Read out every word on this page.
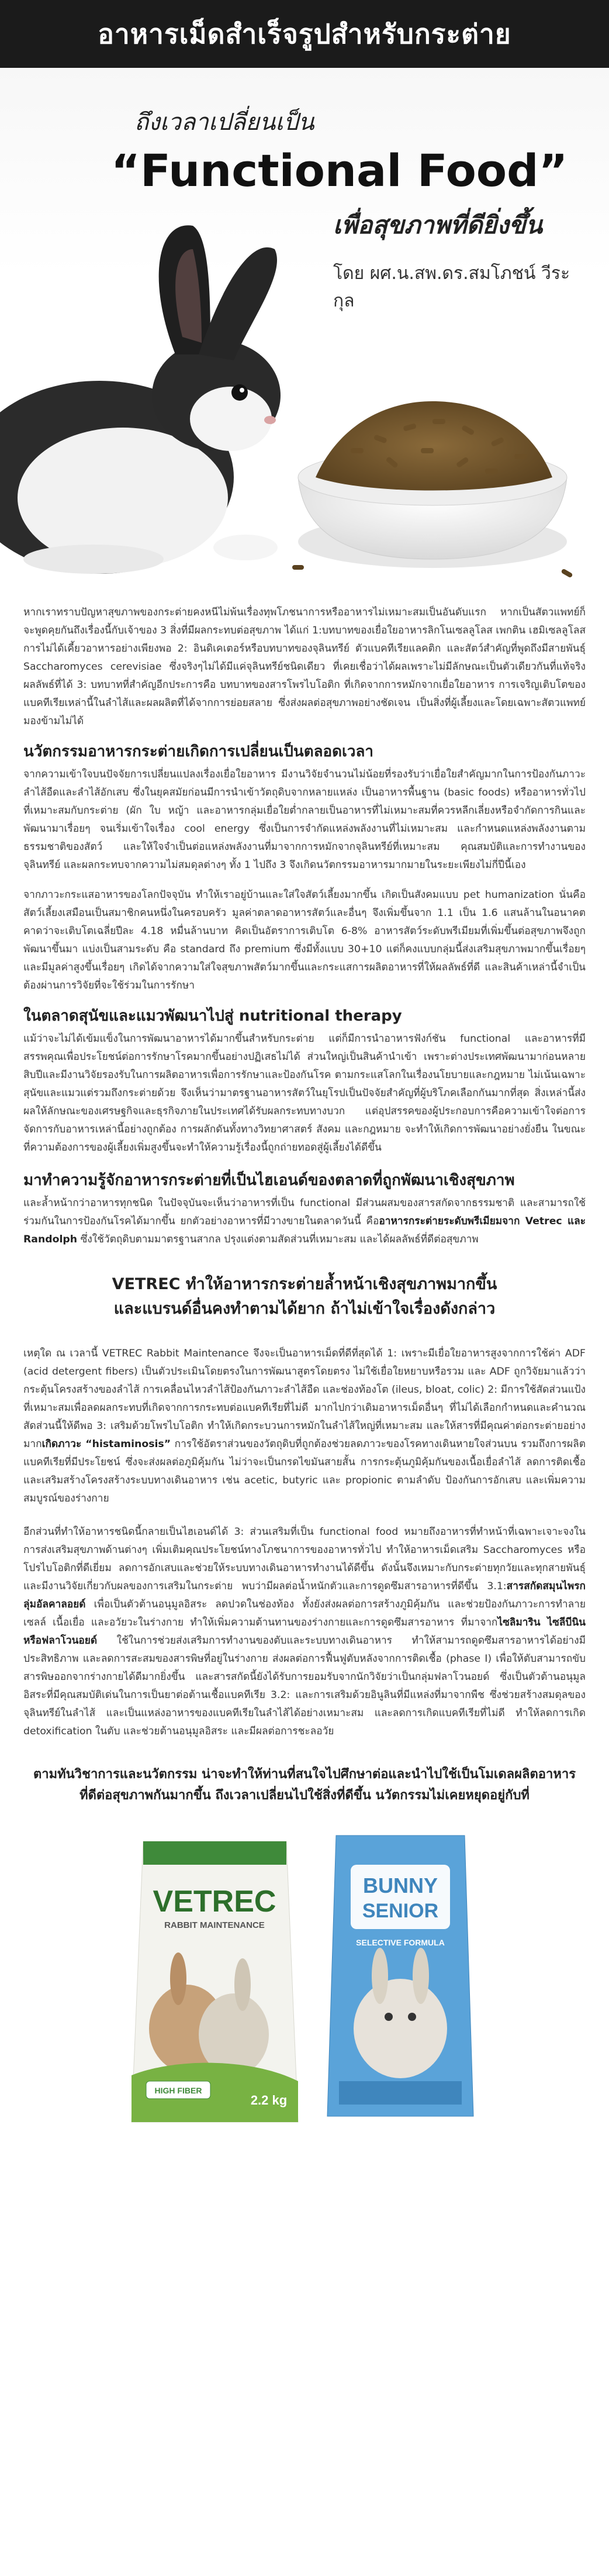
อาหารเม็ดสำเร็จรูปสำหรับกระต่าย

ถึงเวลาเปลี่ยนเป็น

“Functional Food”

เพื่อสุขภาพที่ดียิ่งขึ้น

โดย ผศ.น.สพ.ดร.สมโภชน์ วีระกุล

หากเราทราบปัญหาสุขภาพของกระต่ายคงหนีไม่พ้นเรื่องทุพโภชนาการหรืออาหารไม่เหมาะสมเป็นอันดับแรก หากเป็นสัตวแพทย์ก็จะพูดคุยกันถึงเรื่องนี้กับเจ้าของ 3 สิ่งที่มีผลกระทบต่อสุขภาพ ได้แก่ 1:บทบาทของเยื่อใยอาหารลิกโนเซลลูโลส เพกติน เฮมิเซลลูโลส การไม่ได้เคี้ยวอาหารอย่างเพียงพอ 2: อินดิเคเตอร์หรือบทบาทของจุลินทรีย์ ตัวแบคทีเรียแลคติก และสัตว์สำคัญที่พูดถึงมีสายพันธุ์ Saccharomyces cerevisiae ซึ่งจริงๆไม่ได้มีแค่จุลินทรีย์ชนิดเดียว ที่เคยเชื่อว่าได้ผลเพราะไม่มีลักษณะเป็นตัวเดียวกันที่แท้จริง ผลลัพธ์ที่ได้ 3: บทบาทที่สำคัญอีกประการคือ บทบาทของสารโพรไบโอติก ที่เกิดจากการหมักจากเยื่อใยอาหาร การเจริญเติบโตของแบคทีเรียเหล่านี้ในลำไส้และผลผลิตที่ได้จากการย่อยสลาย ซึ่งส่งผลต่อสุขภาพอย่างชัดเจน เป็นสิ่งที่ผู้เลี้ยงและโดยเฉพาะสัตวแพทย์มองข้ามไม่ได้

นวัตกรรมอาหารกระต่ายเกิดการเปลี่ยนเป็นตลอดเวลา

จากความเข้าใจบนปัจจัยการเปลี่ยนแปลงเรื่องเยื่อใยอาหาร มีงานวิจัยจำนวนไม่น้อยที่รองรับว่าเยื่อใยสำคัญมากในการป้องกันภาวะลำไส้อืดและลำไส้อักเสบ ซึ่งในยุคสมัยก่อนมีการนำเข้าวัตถุดิบจากหลายแหล่ง เป็นอาหารพื้นฐาน (basic foods) หรืออาหารทั่วไปที่เหมาะสมกับกระต่าย (ผัก ใบ หญ้า และอาหารกลุ่มเยื่อใยต่ำกลายเป็นอาหารที่ไม่เหมาะสมที่ควรหลีกเลี่ยงหรือจำกัดการกินและพัฒนามาเรื่อยๆ จนเริ่มเข้าใจเรื่อง cool energy ซึ่งเป็นการจำกัดแหล่งพลังงานที่ไม่เหมาะสม และกำหนดแหล่งพลังงานตามธรรมชาติของสัตว์ และให้ใจจำเป็นต่อแหล่งพลังงานที่มาจากการหมักจากจุลินทรีย์ที่เหมาะสม คุณสมบัติและการทำงานของจุลินทรีย์ และผลกระทบจากความไม่สมดุลต่างๆ ทั้ง 1 ไปถึง 3 จึงเกิดนวัตกรรมอาหารมากมายในระยะเพียงไม่กี่ปีนี้เอง

จากภาวะกระแสอาหารของโลกปัจจุบัน ทำให้เราอยู่บ้านและใส่ใจสัตว์เลี้ยงมากขึ้น เกิดเป็นสังคมแบบ pet humanization นั่นคือสัตว์เลี้ยงเสมือนเป็นสมาชิกคนหนึ่งในครอบครัว มูลค่าตลาดอาหารสัตว์และอื่นๆ จึงเพิ่มขึ้นจาก 1.1 เป็น 1.6 แสนล้านในอนาคต คาดว่าจะเติบโตเฉลี่ยปีละ 4.18 หมื่นล้านบาท คิดเป็นอัตราการเติบโต 6-8% อาหารสัตว์ระดับพรีเมียมที่เพิ่มขึ้นต่อสุขภาพจึงถูกพัฒนาขึ้นมา แบ่งเป็นสามระดับ คือ standard ถึง premium ซึ่งมีทั้งแบบ 30+10 แต่ก็คงแบบกลุ่มนี้ส่งเสริมสุขภาพมากขึ้นเรื่อยๆ และมีมูลค่าสูงขึ้นเรื่อยๆ เกิดได้จากความใส่ใจสุขภาพสัตว์มากขึ้นและกระแสการผลิตอาหารที่ให้ผลลัพธ์ที่ดี และสินค้าเหล่านี้จำเป็นต้องผ่านการวิจัยที่จะใช้ร่วมในการรักษา

ในตลาดสุนัขและแมวพัฒนาไปสู่ nutritional therapy

แม้ว่าจะไม่ได้เข้มแข็งในการพัฒนาอาหารได้มากขึ้นสำหรับกระต่าย แต่ก็มีการนำอาหารฟังก์ชัน functional และอาหารที่มีสรรพคุณเพื่อประโยชน์ต่อการรักษาโรคมากขึ้นอย่างปฏิเสธไม่ได้ ส่วนใหญ่เป็นสินค้านำเข้า เพราะต่างประเทศพัฒนามาก่อนหลายสิบปีและมีงานวิจัยรองรับในการผลิตอาหารเพื่อการรักษาและป้องกันโรค ตามกระแสโลกในเรื่องนโยบายและกฎหมาย ไม่เน้นเฉพาะสุนัขและแมวแต่รวมถึงกระต่ายด้วย จึงเห็นว่ามาตรฐานอาหารสัตว์ในยุโรปเป็นปัจจัยสำคัญที่ผู้บริโภคเลือกกันมากที่สุด สิ่งเหล่านี้ส่งผลให้ลักษณะของเศรษฐกิจและธุรกิจภายในประเทศได้รับผลกระทบทางบวก แต่อุปสรรคของผู้ประกอบการคือความเข้าใจต่อการจัดการกับอาหารเหล่านี้อย่างถูกต้อง การผลักดันทั้งทางวิทยาศาสตร์ สังคม และกฎหมาย จะทำให้เกิดการพัฒนาอย่างยั่งยืน ในขณะที่ความต้องการของผู้เลี้ยงเพิ่มสูงขึ้นจะทำให้ความรู้เรื่องนี้ถูกถ่ายทอดสู่ผู้เลี้ยงได้ดีขึ้น

มาทำความรู้จักอาหารกระต่ายที่เป็นไฮเอนด์ของตลาดที่ถูกพัฒนาเชิงสุขภาพ

และล้ำหน้ากว่าอาหารทุกชนิด ในปัจจุบันจะเห็นว่าอาหารที่เป็น functional มีส่วนผสมของสารสกัดจากธรรมชาติ และสามารถใช้ร่วมกันในการป้องกันโรคได้มากขึ้น ยกตัวอย่างอาหารที่มีวางขายในตลาดวันนี้ คืออาหารกระต่ายระดับพรีเมียมจาก Vetrec และ Randolph ซึ่งใช้วัตถุดิบตามมาตรฐานสากล ปรุงแต่งตามสัดส่วนที่เหมาะสม และได้ผลลัพธ์ที่ดีต่อสุขภาพ

VETREC ทำให้อาหารกระต่ายล้ำหน้าเชิงสุขภาพมากขึ้น
และแบรนด์อื่นคงทำตามได้ยาก ถ้าไม่เข้าใจเรื่องดังกล่าว

เหตุใด ณ เวลานี้ VETREC Rabbit Maintenance จึงจะเป็นอาหารเม็ดที่ดีที่สุดได้ 1: เพราะมีเยื่อใยอาหารสูงจากการใช้ค่า ADF (acid detergent fibers) เป็นตัวประเมินโดยตรงในการพัฒนาสูตรโดยตรง ไม่ใช้เยื่อใยหยาบหรือรวม และ ADF ถูกวิจัยมาแล้วว่ากระตุ้นโครงสร้างของลำไส้ การเคลื่อนไหวลำไส้ป้องกันภาวะลำไส้อืด และช่องท้องโต (ileus, bloat, colic) 2: มีการใช้สัดส่วนแป้งที่เหมาะสมเพื่อลดผลกระทบที่เกิดจากการกระทบต่อแบคทีเรียที่ไม่ดี มากไปกว่าเดิมอาหารเม็ดอื่นๆ ที่ไม่ได้เลือกกำหนดและคำนวณสัดส่วนนี้ให้ดีพอ 3: เสริมด้วยโพรไบโอติก ทำให้เกิดกระบวนการหมักในลำไส้ใหญ่ที่เหมาะสม และให้สารที่มีคุณค่าต่อกระต่ายอย่างมากเกิดภาวะ “histaminosis” การใช้อัตราส่วนของวัตถุดิบที่ถูกต้องช่วยลดภาวะของโรคทางเดินหายใจส่วนบน รวมถึงการผลิตแบคทีเรียที่มีประโยชน์ ซึ่งจะส่งผลต่อภูมิคุ้มกัน ไม่ว่าจะเป็นกรดไขมันสายสั้น การกระตุ้นภูมิคุ้มกันของเนื้อเยื่อลำไส้ ลดการติดเชื้อ และเสริมสร้างโครงสร้างระบบทางเดินอาหาร เช่น acetic, butyric และ propionic ตามลำดับ ป้องกันการอักเสบ และเพิ่มความสมบูรณ์ของร่างกาย

อีกส่วนที่ทำให้อาหารชนิดนี้กลายเป็นไฮเอนด์ได้ 3: ส่วนเสริมที่เป็น functional food หมายถึงอาหารที่ทำหน้าที่เฉพาะเจาะจงในการส่งเสริมสุขภาพด้านต่างๆ เพิ่มเติมคุณประโยชน์ทางโภชนาการของอาหารทั่วไป ทำให้อาหารเม็ดเสริม Saccharomyces หรือโปรไบโอติกที่ดีเยี่ยม ลดการอักเสบและช่วยให้ระบบทางเดินอาหารทำงานได้ดีขึ้น ดังนั้นจึงเหมาะกับกระต่ายทุกวัยและทุกสายพันธุ์ และมีงานวิจัยเกี่ยวกับผลของการเสริมในกระต่าย พบว่ามีผลต่อน้ำหนักตัวและการดูดซึมสารอาหารที่ดีขึ้น 3.1:สารสกัดสมุนไพรกลุ่มอัลคาลอยด์ เพื่อเป็นตัวต้านอนุมูลอิสระ ลดปวดในช่องท้อง ทั้งยังส่งผลต่อการสร้างภูมิคุ้มกัน และช่วยป้องกันภาวะการทำลายเซลล์ เนื้อเยื่อ และอวัยวะในร่างกาย ทำให้เพิ่มความต้านทานของร่างกายและการดูดซึมสารอาหาร ที่มาจากไซลิมาริน ไซลีบีนิน หรือฟลาโวนอยด์ ใช้ในการช่วยส่งเสริมการทำงานของตับและระบบทางเดินอาหาร ทำให้สามารถดูดซึมสารอาหารได้อย่างมีประสิทธิภาพ และลดการสะสมของสารพิษที่อยู่ในร่างกาย ส่งผลต่อการฟื้นฟูตับหลังจากการติดเชื้อ (phase I) เพื่อให้ตับสามารถขับสารพิษออกจากร่างกายได้ดีมากยิ่งขึ้น และสารสกัดนี้ยังได้รับการยอมรับจากนักวิจัยว่าเป็นกลุ่มฟลาโวนอยด์ ซึ่งเป็นตัวต้านอนุมูลอิสระที่มีคุณสมบัติเด่นในการเป็นยาต่อต้านเชื้อแบคทีเรีย 3.2: และการเสริมด้วยอินูลินที่มีแหล่งที่มาจากพืช ซึ่งช่วยสร้างสมดุลของจุลินทรีย์ในลำไส้ และเป็นแหล่งอาหารของแบคทีเรียในลำไส้ได้อย่างเหมาะสม และลดการเกิดแบคทีเรียที่ไม่ดี ทำให้ลดการเกิด detoxification ในตับ และช่วยต้านอนุมูลอิสระ และมีผลต่อการชะลอวัย

ตามทันวิชาการและนวัตกรรม น่าจะทำให้ท่านที่สนใจไปศึกษาต่อและนำไปใช้เป็นโมเดลผลิตอาหาร
ที่ดีต่อสุขภาพกันมากขึ้น ถึงเวลาเปลี่ยนไปใช้สิ่งที่ดีขึ้น นวัตกรรมไม่เคยหยุดอยู่กับที่
VETREC
RABBIT MAINTENANCE
HIGH FIBER
2.2 kg
BUNNY
SENIOR
SELECTIVE FORMULA
